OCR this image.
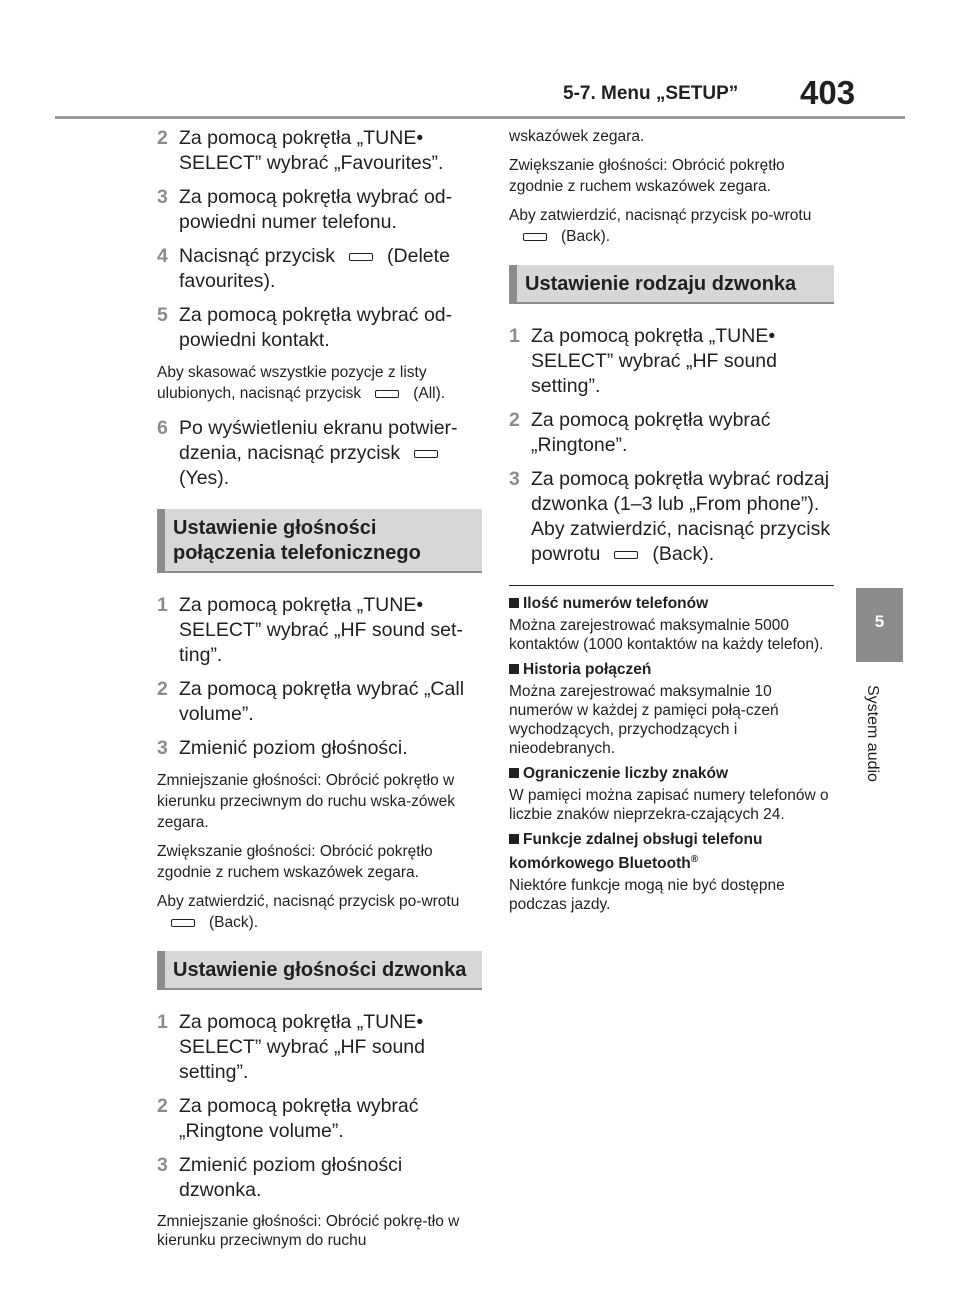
5-7. Menu „SETUP” 403
5
System audio
2 Za pomocą pokrętła „TUNE• SELECT” wybrać „Favourites”.
3 Za pomocą pokrętła wybrać od-powiedni numer telefonu.
4 Nacisnąć przycisk	(Delete favourites).
5 Za pomocą pokrętła wybrać od-powiedni kontakt.

Aby skasować wszystkie pozycje z listy ulubionych, nacisnąć przycisk	(All).

6 Po wyświetleniu ekranu potwier-dzenia, nacisnąć przycisk(Yes).
Ustawienie głośności połączenia telefonicznego
1 Za pomocą pokrętła „TUNE• SELECT” wybrać „HF sound set-ting”.
2 Za pomocą pokrętła wybrać „Call volume”.
3 Zmienić poziom głośności.

Zmniejszanie głośności: Obrócić pokrętło w kierunku przeciwnym do ruchu wska-zówek zegara.

Zwiększanie głośności: Obrócić pokrętło zgodnie z ruchem wskazówek zegara.

Aby zatwierdzić, nacisnąć przycisk po-wrotu(Back).

Ustawienie głośności dzwonka
1 Za pomocą pokrętła „TUNE• SELECT” wybrać „HF sound setting”.
2 Za pomocą pokrętła wybrać „Ringtone volume”.
3 Zmienić poziom głośności dzwonka.

Zmniejszanie głośności: Obrócić pokrę-tło w kierunku przeciwnym do ruchu

wskazówek zegara.

Zwiększanie głośności: Obrócić pokrętło zgodnie z ruchem wskazówek zegara.

Aby zatwierdzić, nacisnąć przycisk po-wrotu(Back).

Ustawienie rodzaju dzwonka
1 Za pomocą pokrętła „TUNE• SELECT” wybrać „HF sound setting”.
2 Za pomocą pokrętła wybrać „Ringtone”.
3 Za pomocą pokrętła wybrać rodzaj dzwonka (1–3 lub „From phone”). Aby zatwierdzić, nacisnąć przycisk powrotu	(Back).
Ilość numerów telefonów

Można zarejestrować maksymalnie 5000 kontaktów (1000 kontaktów na każdy telefon).

Historia połączeń

Można zarejestrować maksymalnie 10 numerów w każdej z pamięci połą-czeń wychodzących, przychodzących i nieodebranych.

Ograniczenie liczby znaków

W pamięci można zapisać numery telefonów o liczbie znaków nieprzekra-czających 24.

Funkcje zdalnej obsługi telefonu komórkowego Bluetooth®

Niektóre funkcje mogą nie być dostępne podczas jazdy.
